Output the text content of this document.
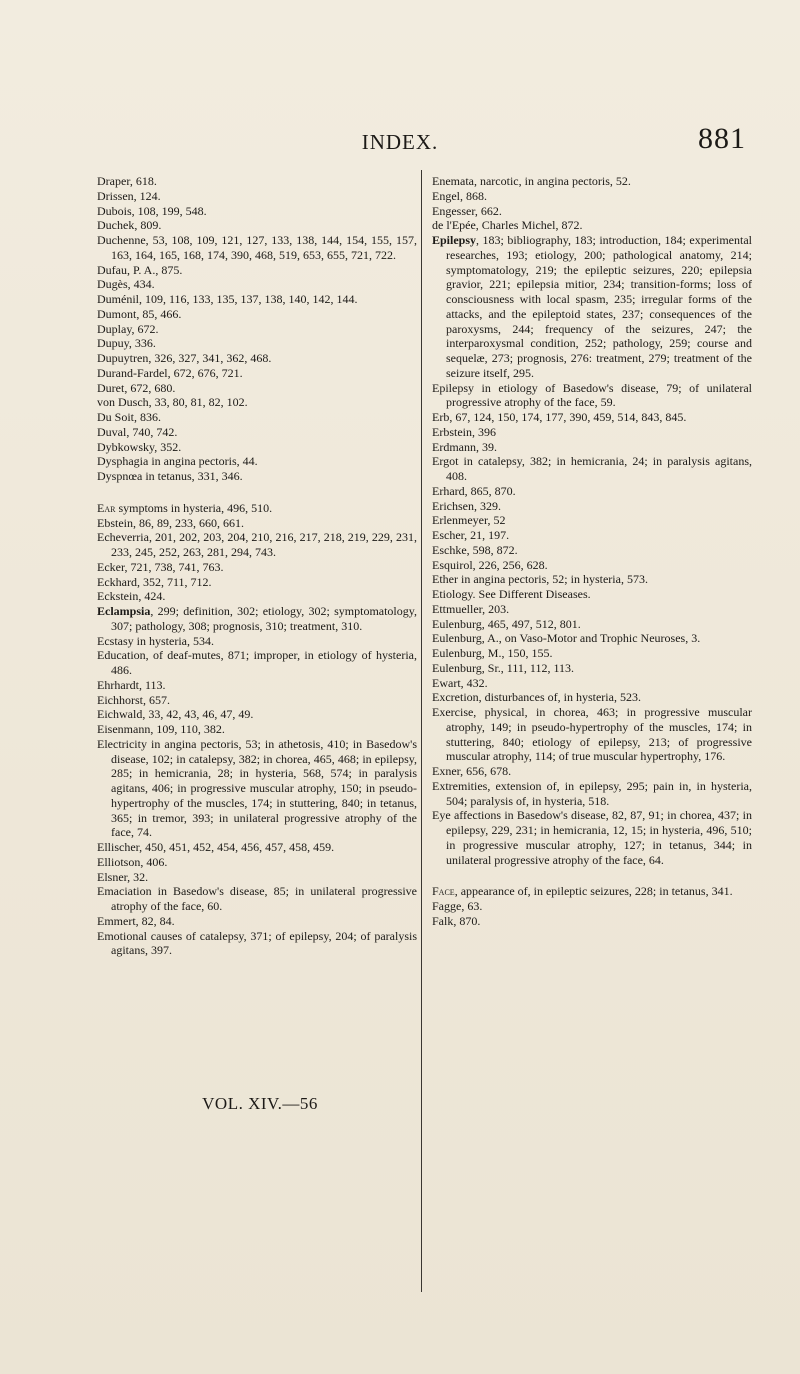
INDEX.	881
Draper, 618.
Drissen, 124.
Dubois, 108, 199, 548.
Duchek, 809.
Duchenne, 53, 108, 109, 121, 127, 133, 138, 144, 154, 155, 157, 163, 164, 165, 168, 174, 390, 468, 519, 653, 655, 721, 722.
Dufau, P. A., 875.
Dugès, 434.
Duménil, 109, 116, 133, 135, 137, 138, 140, 142, 144.
Dumont, 85, 466.
Duplay, 672.
Dupuy, 336.
Dupuytren, 326, 327, 341, 362, 468.
Durand-Fardel, 672, 676, 721.
Duret, 672, 680.
von Dusch, 33, 80, 81, 82, 102.
Du Soit, 836.
Duval, 740, 742.
Dybkowsky, 352.
Dysphagia in angina pectoris, 44.
Dyspnœa in tetanus, 331, 346.
Ear symptoms in hysteria, 496, 510.
Ebstein, 86, 89, 233, 660, 661.
Echeverria, 201, 202, 203, 204, 210, 216, 217, 218, 219, 229, 231, 233, 245, 252, 263, 281, 294, 743.
Ecker, 721, 738, 741, 763.
Eckhard, 352, 711, 712.
Eckstein, 424.
Eclampsia, 299; definition, 302; etiology, 302; symptomatology, 307; pathology, 308; prognosis, 310; treatment, 310.
Ecstasy in hysteria, 534.
Education, of deaf-mutes, 871; improper, in etiology of hysteria, 486.
Ehrhardt, 113.
Eichhorst, 657.
Eichwald, 33, 42, 43, 46, 47, 49.
Eisenmann, 109, 110, 382.
Electricity in angina pectoris, 53; in athetosis, 410; in Basedow's disease, 102; in catalepsy, 382; in chorea, 465, 468; in epilepsy, 285; in hemicrania, 28; in hysteria, 568, 574; in paralysis agitans, 406; in progressive muscular atrophy, 150; in pseudo-hypertrophy of the muscles, 174; in stuttering, 840; in tetanus, 365; in tremor, 393; in unilateral progressive atrophy of the face, 74.
Ellischer, 450, 451, 452, 454, 456, 457, 458, 459.
Elliotson, 406.
Elsner, 32.
Emaciation in Basedow's disease, 85; in unilateral progressive atrophy of the face, 60.
Emmert, 82, 84.
Emotional causes of catalepsy, 371; of epilepsy, 204; of paralysis agitans, 397.
Enemata, narcotic, in angina pectoris, 52.
Engel, 868.
Engesser, 662.
de l'Epée, Charles Michel, 872.
Epilepsy, 183; bibliography, 183; introduction, 184; experimental researches, 193; etiology, 200; pathological anatomy, 214; symptomatology, 219; the epileptic seizures, 220; epilepsia gravior, 221; epilepsia mitior, 234; transition-forms; loss of consciousness with local spasm, 235; irregular forms of the attacks, and the epileptoid states, 237; consequences of the paroxysms, 244; frequency of the seizures, 247; the interparoxysmal condition, 252; pathology, 259; course and sequelæ, 273; prognosis, 276: treatment, 279; treatment of the seizure itself, 295.
Epilepsy in etiology of Basedow's disease, 79; of unilateral progressive atrophy of the face, 59.
Erb, 67, 124, 150, 174, 177, 390, 459, 514, 843, 845.
Erbstein, 396
Erdmann, 39.
Ergot in catalepsy, 382; in hemicrania, 24; in paralysis agitans, 408.
Erhard, 865, 870.
Erichsen, 329.
Erlenmeyer, 52
Escher, 21, 197.
Eschke, 598, 872.
Esquirol, 226, 256, 628.
Ether in angina pectoris, 52; in hysteria, 573.
Etiology. See Different Diseases.
Ettmueller, 203.
Eulenburg, 465, 497, 512, 801.
Eulenburg, A., on Vaso-Motor and Trophic Neuroses, 3.
Eulenburg, M., 150, 155.
Eulenburg, Sr., 111, 112, 113.
Ewart, 432.
Excretion, disturbances of, in hysteria, 523.
Exercise, physical, in chorea, 463; in progressive muscular atrophy, 149; in pseudo-hypertrophy of the muscles, 174; in stuttering, 840; etiology of epilepsy, 213; of progressive muscular atrophy, 114; of true muscular hypertrophy, 176.
Exner, 656, 678.
Extremities, extension of, in epilepsy, 295; pain in, in hysteria, 504; paralysis of, in hysteria, 518.
Eye affections in Basedow's disease, 82, 87, 91; in chorea, 437; in epilepsy, 229, 231; in hemicrania, 12, 15; in hysteria, 496, 510; in progressive muscular atrophy, 127; in tetanus, 344; in unilateral progressive atrophy of the face, 64.
Face, appearance of, in epileptic seizures, 228; in tetanus, 341.
Fagge, 63.
Falk, 870.
VOL. XIV.—56
